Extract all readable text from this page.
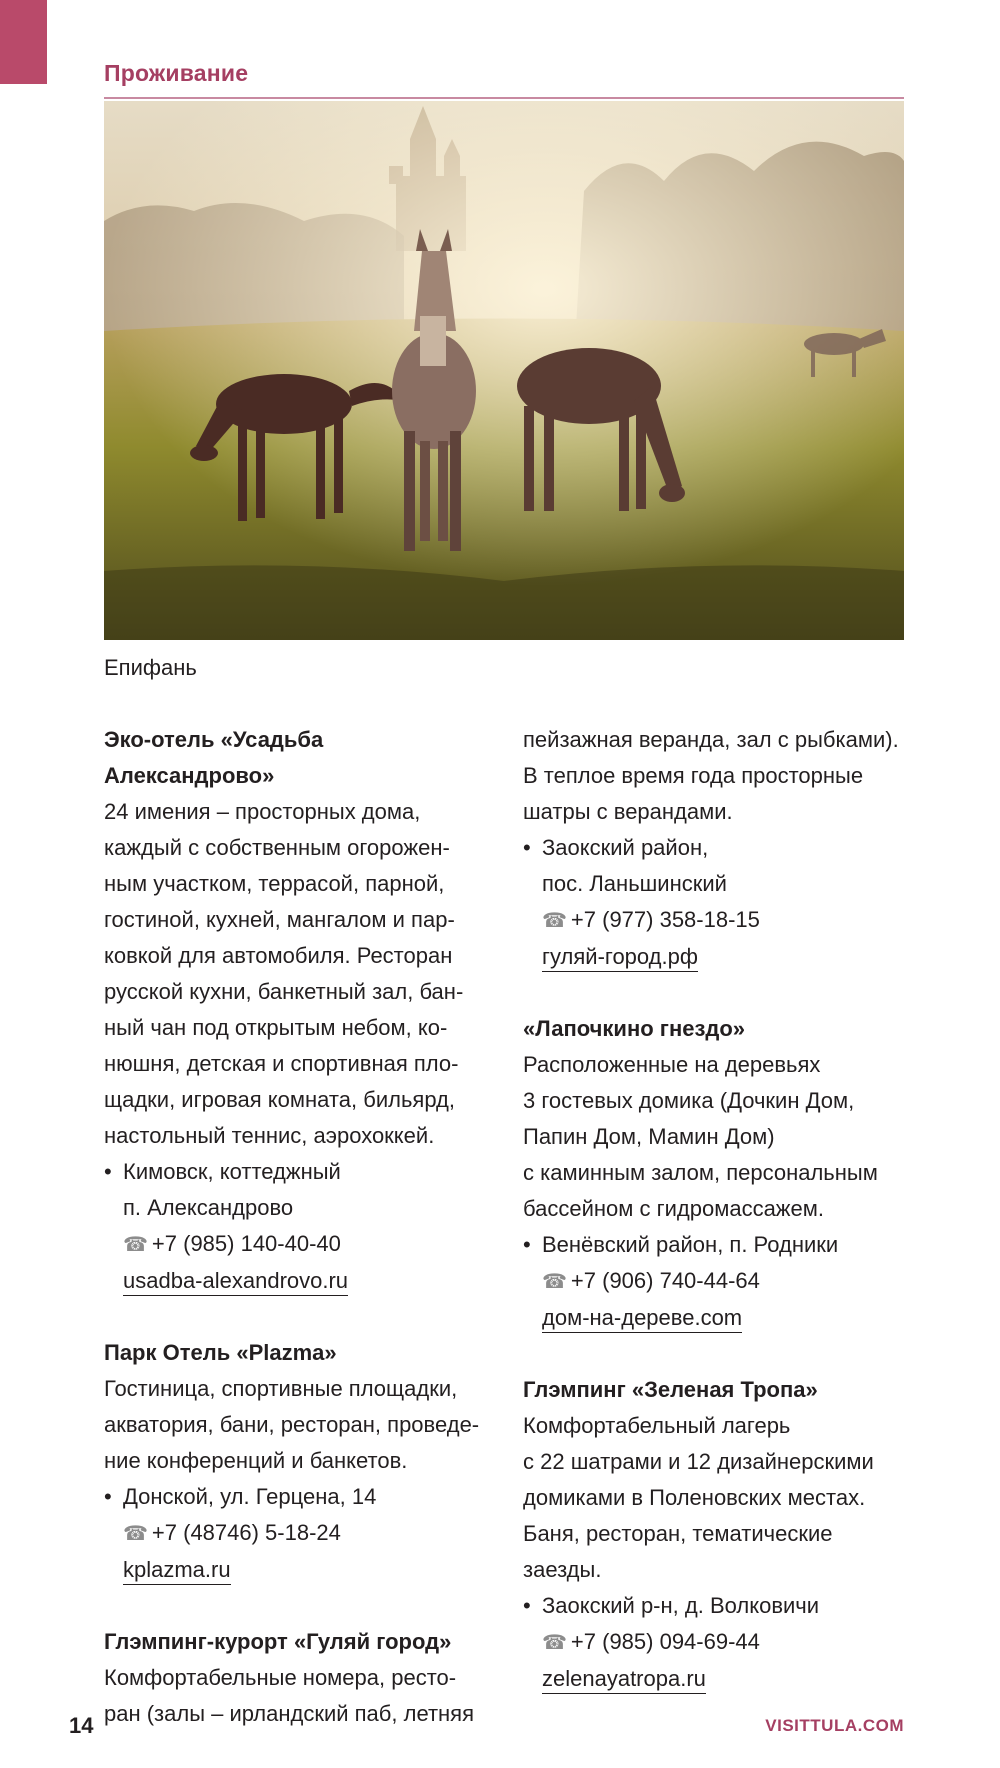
Проживание
Епифань

Эко-отель «Усадьба Александрово»

24 имения – просторных дома,

каждый с собственным огорожен-

ным участком, террасой, парной,

гостиной, кухней, мангалом и пар-

ковкой для автомобиля. Ресторан

русской кухни, банкетный зал, бан-

ный чан под открытым небом, ко-

нюшня, детская и спортивная пло-

щадки, игровая комната, бильярд,

настольный теннис, аэрохоккей.

• Кимовск, коттеджный

п. Александрово

☎ +7 (985) 140-40-40

usadba-alexandrovo.ru

Парк Отель «Plazma»

Гостиница, спортивные площадки,

акватория, бани, ресторан, проведе-

ние конференций и банкетов.

• Донской, ул. Герцена, 14

☎ +7 (48746) 5-18-24

kplazma.ru

Глэмпинг-курорт «Гуляй город»

Комфортабельные номера, ресто-

ран (залы – ирландский паб, летняя

пейзажная веранда, зал с рыбками).

В теплое время года просторные

шатры с верандами.

• Заокский район,

пос. Ланьшинский

☎ +7 (977) 358-18-15

гуляй-город.рф

«Лапочкино гнездо»

Расположенные на деревьях

3 гостевых домика (Дочкин Дом,

Папин Дом, Мамин Дом)

с каминным залом, персональным

бассейном с гидромассажем.

• Венёвский район, п. Родники

☎ +7 (906) 740-44-64

дом-на-дереве.com

Глэмпинг «Зеленая Тропа»

Комфортабельный лагерь

с 22 шатрами и 12 дизайнерскими

домиками в Поленовских местах.

Баня, ресторан, тематические

заезды.

• Заокский р-н, д. Волковичи

☎ +7 (985) 094-69-44

zelenayatropa.ru

14	VISITTULA.COM
